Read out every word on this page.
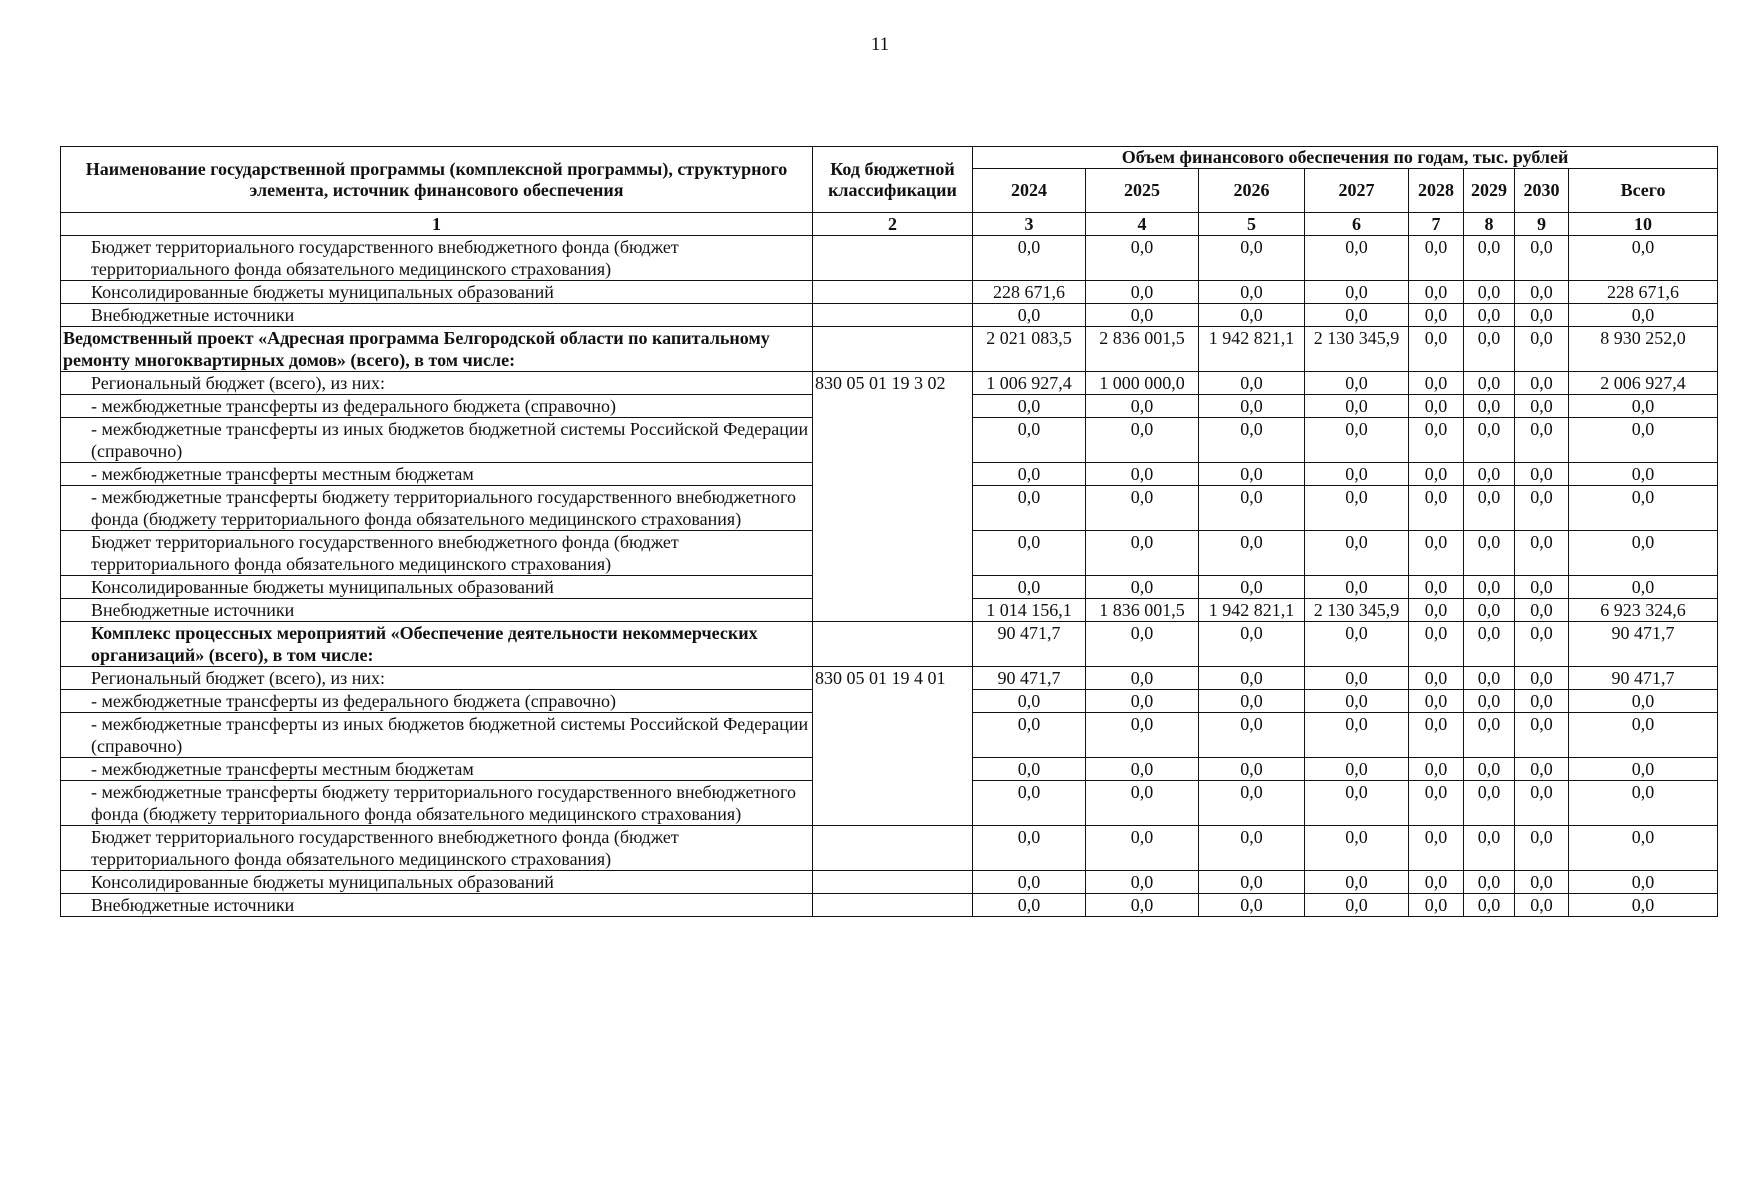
11
Наименование государственной программы (комплексной программы), структурного элемента, источник финансового обеспечения	Код бюджетной классификации	Объем финансового обеспечения по годам, тыс. рублей							
		2024	2025	2026	2027	2028	2029	2030	Всего
1	2	3	4	5	6	7	8	9	10
Бюджет территориального государственного внебюджетного фонда (бюджет территориального фонда обязательного медицинского страхования)		0,0	0,0	0,0	0,0	0,0	0,0	0,0	0,0
Консолидированные бюджеты муниципальных образований		228 671,6	0,0	0,0	0,0	0,0	0,0	0,0	228 671,6
Внебюджетные источники		0,0	0,0	0,0	0,0	0,0	0,0	0,0	0,0
Ведомственный проект «Адресная программа Белгородской области по капитальному ремонту многоквартирных домов» (всего), в том числе:		2 021 083,5	2 836 001,5	1 942 821,1	2 130 345,9	0,0	0,0	0,0	8 930 252,0
Региональный бюджет (всего), из них:	830 05 01 19 3 02	1 006 927,4	1 000 000,0	0,0	0,0	0,0	0,0	0,0	2 006 927,4
- межбюджетные трансферты из федерального бюджета (справочно)		0,0	0,0	0,0	0,0	0,0	0,0	0,0	0,0
- межбюджетные трансферты из иных бюджетов бюджетной системы Российской Федерации (справочно)		0,0	0,0	0,0	0,0	0,0	0,0	0,0	0,0
- межбюджетные трансферты местным бюджетам		0,0	0,0	0,0	0,0	0,0	0,0	0,0	0,0
- межбюджетные трансферты бюджету территориального государственного внебюджетного фонда (бюджету территориального фонда обязательного медицинского страхования)		0,0	0,0	0,0	0,0	0,0	0,0	0,0	0,0
Бюджет территориального государственного внебюджетного фонда (бюджет территориального фонда обязательного медицинского страхования)		0,0	0,0	0,0	0,0	0,0	0,0	0,0	0,0
Консолидированные бюджеты муниципальных образований		0,0	0,0	0,0	0,0	0,0	0,0	0,0	0,0
Внебюджетные источники		1 014 156,1	1 836 001,5	1 942 821,1	2 130 345,9	0,0	0,0	0,0	6 923 324,6
Комплекс процессных мероприятий «Обеспечение деятельности некоммерческих организаций» (всего), в том числе:		90 471,7	0,0	0,0	0,0	0,0	0,0	0,0	90 471,7
Региональный бюджет (всего), из них:	830 05 01 19 4 01	90 471,7	0,0	0,0	0,0	0,0	0,0	0,0	90 471,7
- межбюджетные трансферты из федерального бюджета (справочно)		0,0	0,0	0,0	0,0	0,0	0,0	0,0	0,0
- межбюджетные трансферты из иных бюджетов бюджетной системы Российской Федерации (справочно)		0,0	0,0	0,0	0,0	0,0	0,0	0,0	0,0
- межбюджетные трансферты местным бюджетам		0,0	0,0	0,0	0,0	0,0	0,0	0,0	0,0
- межбюджетные трансферты бюджету территориального государственного внебюджетного фонда (бюджету территориального фонда обязательного медицинского страхования)		0,0	0,0	0,0	0,0	0,0	0,0	0,0	0,0
Бюджет территориального государственного внебюджетного фонда (бюджет территориального фонда обязательного медицинского страхования)		0,0	0,0	0,0	0,0	0,0	0,0	0,0	0,0
Консолидированные бюджеты муниципальных образований		0,0	0,0	0,0	0,0	0,0	0,0	0,0	0,0
Внебюджетные источники		0,0	0,0	0,0	0,0	0,0	0,0	0,0	0,0
